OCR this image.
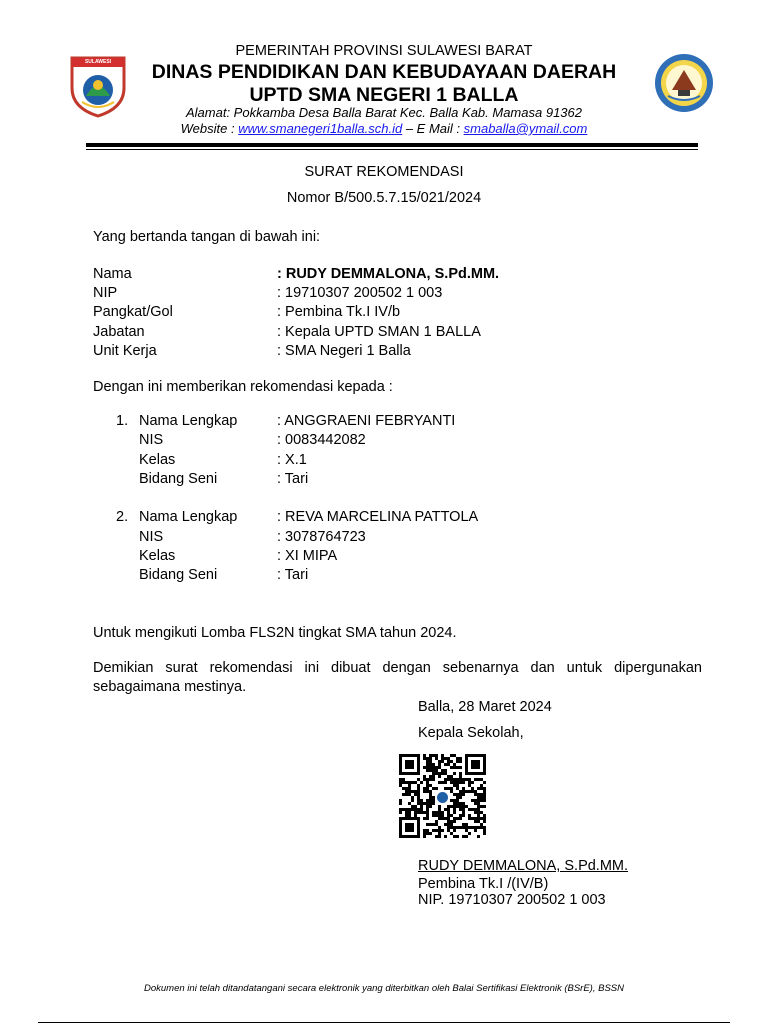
SULAWESI BARAT
PEMERINTAH PROVINSI SULAWESI BARAT
DINAS PENDIDIKAN DAN KEBUDAYAAN DAERAH
UPTD SMA NEGERI 1 BALLA
Alamat: Pokkamba Desa Balla Barat Kec. Balla Kab. Mamasa 91362
Website : www.smanegeri1balla.sch.id – E Mail : smaballa@ymail.com
SURAT REKOMENDASI
Nomor B/500.5.7.15/021/2024
Yang bertanda tangan di bawah ini:
Nama	: RUDY DEMMALONA, S.Pd.MM.
NIP	: 19710307 200502 1 003
Pangkat/Gol	: Pembina Tk.I IV/b
Jabatan	: Kepala UPTD SMAN 1 BALLA
Unit Kerja	: SMA Negeri 1 Balla
Dengan ini memberikan rekomendasi kepada :
1. Nama Lengkap	: ANGGRAENI FEBRYANTI
NIS	: 0083442082
Kelas	: X.1
Bidang Seni	: Tari
2. Nama Lengkap	: REVA MARCELINA PATTOLA
NIS	: 3078764723
Kelas	: XI MIPA
Bidang Seni	: Tari
Untuk mengikuti Lomba FLS2N tingkat SMA tahun 2024.
Demikian surat rekomendasi ini dibuat dengan sebenarnya dan untuk dipergunakan
sebagaimana mestinya.
Balla, 28 Maret 2024
Kepala Sekolah,
RUDY DEMMALONA, S.Pd.MM.
Pembina Tk.I /(IV/B)
NIP. 19710307 200502 1 003
Dokumen ini telah ditandatangani secara elektronik yang diterbitkan oleh Balai Sertifikasi Elektronik (BSrE), BSSN
